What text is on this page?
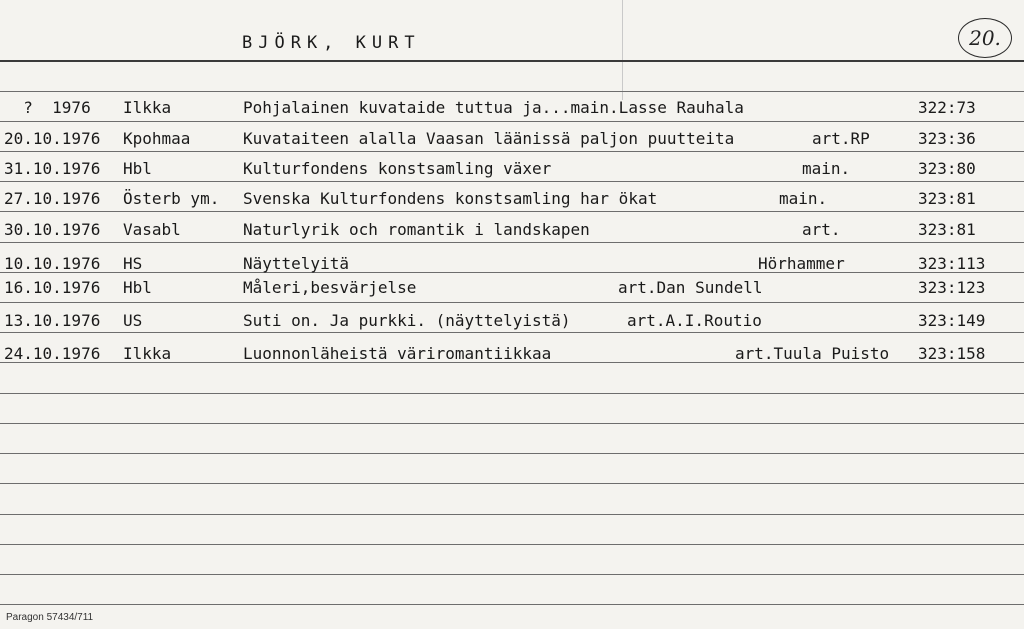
BJÖRK, KURT	20.
?  1976 Ilkka	Pohjalainen kuvataide tuttua ja...main.Lasse Rauhala	322:73
20.10.1976 Kpohmaa	Kuvataiteen alalla Vaasan läänissä paljon puutteita	art.RP	323:36
31.10.1976 Hbl	Kulturfondens konstsamling växer	main.	323:80
27.10.1976 Österb ym. Svenska Kulturfondens konstsamling har ökat	main.	323:81
30.10.1976 Vasabl	Naturlyrik och romantik i landskapen	art.	323:81
10.10.1976 HS	Näyttelyitä	Hörhammer	323:113
16.10.1976 Hbl	Måleri,besvärjelse	art.Dan Sundell	323:123
13.10.1976 US	Suti on. Ja purkki. (näyttelyistä)	art.A.I.Routio	323:149
24.10.1976 Ilkka	Luonnonläheistä väriromantiikkaa	art.Tuula Puisto 323:158
Paragon 57434/711
